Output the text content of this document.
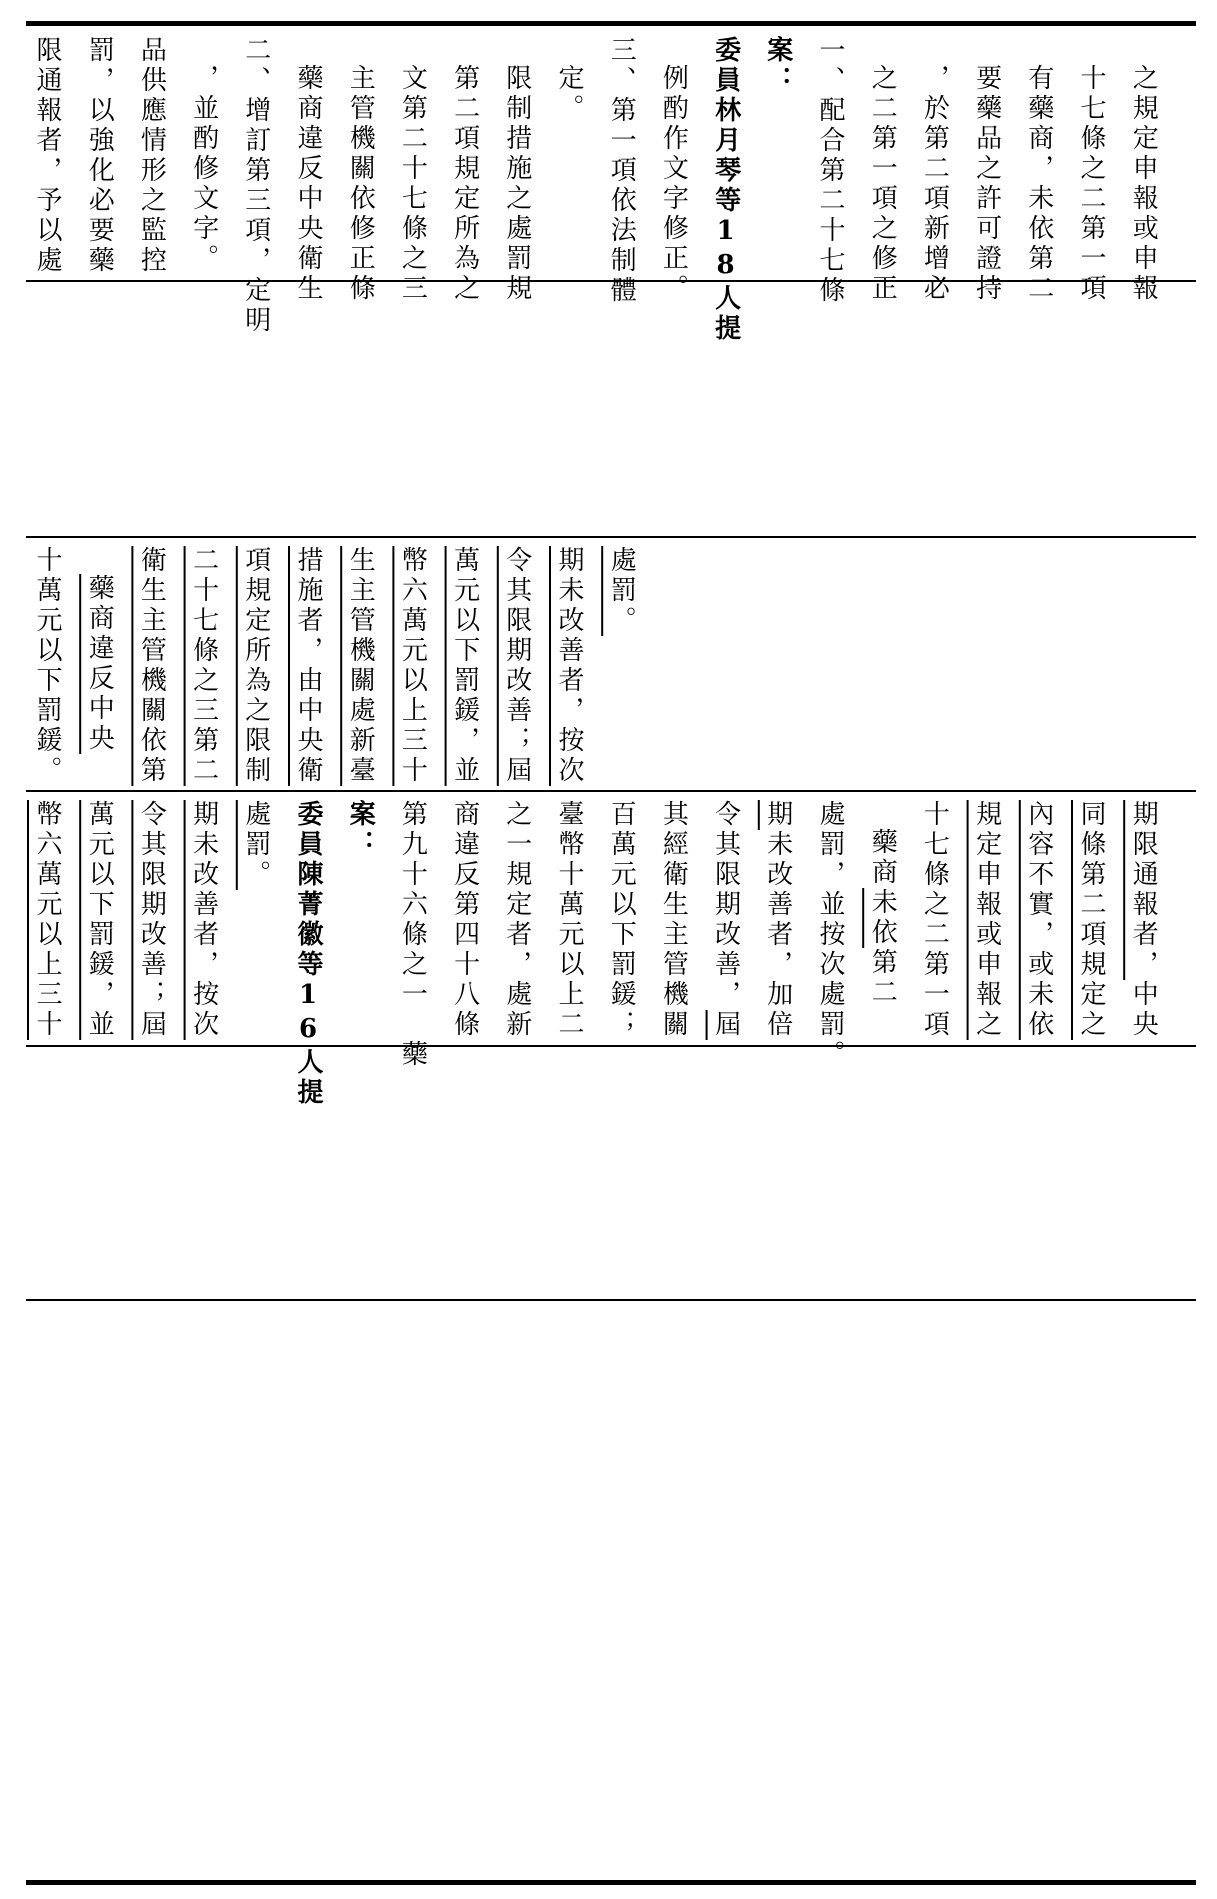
限通報者，予以處 罰，以強化必要藥 品供應情形之監控 ，並酌修文字。 二、增訂第三項，定明 藥商違反中央衛生 主管機關依修正條 文第二十七條之三 第二項規定所為之 限制措施之處罰規 定。 三、第一項依法制體 例酌作文字修正。 委員林月琴等18人提 案： 一、配合第二十七條 之二第一項之修正 ，於第二項新增必 要藥品之許可證持 有藥商，未依第二 十七條之二第一項 之規定申報或申報
十萬元以下罰鍰。 藥商違反中央 衛生主管機關依第 二十七條之三第二 項規定所為之限制 措施者，由中央衛 生主管機關處新臺 幣六萬元以上三十 萬元以下罰鍰，並 令其限期改善；屆 期未改善者，按次 處罰。
幣六萬元以上三十 萬元以下罰鍰，並 令其限期改善；屆 期未改善者，按次 處罰。 委員陳菁徽等16人提 案： 第九十六條之一　藥 商違反第四十八條 之一規定者，處新 臺幣十萬元以上二 百萬元以下罰鍰； 其經衛生主管機關 令其限期改善，屆
期未改善者，加倍 處罰，並按次處罰。 藥商未依第二 十七條之二第一項 規定申報或申報之 內容不實，或未依 同條第二項規定之 期限通報者，中央
